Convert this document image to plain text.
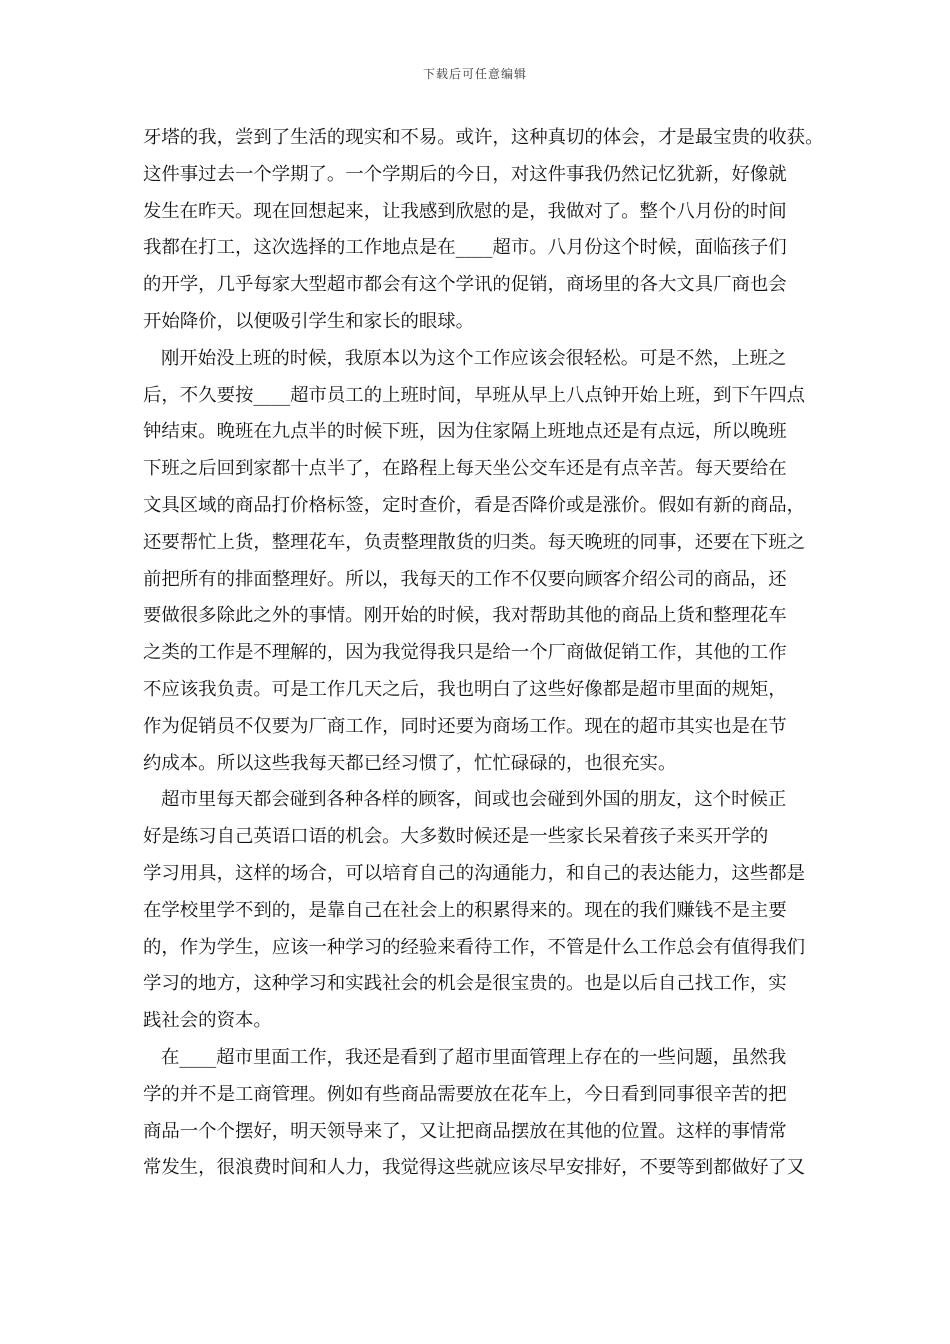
下载后可任意编辑
牙塔的我，尝到了生活的现实和不易。或许，这种真切的体会，才是最宝贵的收获。
这件事过去一个学期了。一个学期后的今日，对这件事我仍然记忆犹新，好像就
发生在昨天。现在回想起来，让我感到欣慰的是，我做对了。整个八月份的时间
我都在打工，这次选择的工作地点是在____超市。八月份这个时候，面临孩子们
的开学，几乎每家大型超市都会有这个学讯的促销，商场里的各大文具厂商也会
开始降价，以便吸引学生和家长的眼球。
刚开始没上班的时候，我原本以为这个工作应该会很轻松。可是不然，上班之
后，不久要按____超市员工的上班时间，早班从早上八点钟开始上班，到下午四点
钟结束。晚班在九点半的时候下班，因为住家隔上班地点还是有点远，所以晚班
下班之后回到家都十点半了，在路程上每天坐公交车还是有点辛苦。每天要给在
文具区域的商品打价格标签，定时查价，看是否降价或是涨价。假如有新的商品，
还要帮忙上货，整理花车，负责整理散货的归类。每天晚班的同事，还要在下班之
前把所有的排面整理好。所以，我每天的工作不仅要向顾客介绍公司的商品，还
要做很多除此之外的事情。刚开始的时候，我对帮助其他的商品上货和整理花车
之类的工作是不理解的，因为我觉得我只是给一个厂商做促销工作，其他的工作
不应该我负责。可是工作几天之后，我也明白了这些好像都是超市里面的规矩，
作为促销员不仅要为厂商工作，同时还要为商场工作。现在的超市其实也是在节
约成本。所以这些我每天都已经习惯了，忙忙碌碌的，也很充实。
超市里每天都会碰到各种各样的顾客，间或也会碰到外国的朋友，这个时候正
好是练习自己英语口语的机会。大多数时候还是一些家长呆着孩子来买开学的
学习用具，这样的场合，可以培育自己的沟通能力，和自己的表达能力，这些都是
在学校里学不到的，是靠自己在社会上的积累得来的。现在的我们赚钱不是主要
的，作为学生，应该一种学习的经验来看待工作，不管是什么工作总会有值得我们
学习的地方，这种学习和实践社会的机会是很宝贵的。也是以后自己找工作，实
践社会的资本。
在____超市里面工作，我还是看到了超市里面管理上存在的一些问题，虽然我
学的并不是工商管理。例如有些商品需要放在花车上，今日看到同事很辛苦的把
商品一个个摆好，明天领导来了，又让把商品摆放在其他的位置。这样的事情常
常发生，很浪费时间和人力，我觉得这些就应该尽早安排好，不要等到都做好了又
